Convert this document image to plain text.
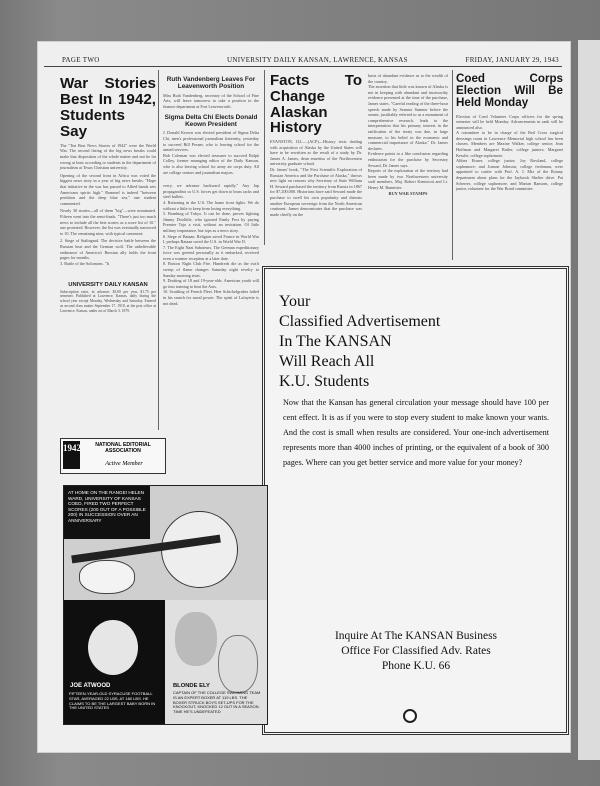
PAGE TWO	UNIVERSITY DAILY KANSAN, LAWRENCE, KANSAS	FRIDAY, JANUARY 29, 1943
War Stories Best In 1942, Students Say
The "Ten Best News Stories of 1942" were the World War. The second listing of the big news breaks could make that disposition of the whole matter and not be far wrong at least according to students in the department of journalism at Texas Christian university.
Opening of the second front in Africa was voted the biggest news story in a year of big news breaks. "Hope that initiative in the war has passed to Allied hands sets Americans spirits high." Rommel is indeed "between perdition and the deep blue sea," one student commented.
Nearly 30 stories—all of them "big"—were nominated. Fifteen went into the semi-finals. "There's just too much news to include all the best stories as a score list of 10." one protested. However, the list was eventually narrowed to 10. The remaining nine, with typical comment:
2. Siege of Stalingrad. The decisive battle between the Russian bear and the German wolf. The unbelievable endurance of America's Russian ally holds the front pages for months.
3. Battle of the Solomons. "It
UNIVERSITY DAILY KANSAN
Subscription rates, in advance: $3.00 per year, $1.75 per semester. Published at Lawrence, Kansas, daily during the school year except Monday, Wednesday and Saturday. Entered as second class matter September 17, 1910, at the post office at Lawrence, Kansas, under act of March 3, 1879.
1942	NATIONAL EDITORIAL ASSOCIATION
Active Member
Ruth Vandenberg Leaves For Leavenworth Position
Miss Ruth Vandenberg, secretary of the School of Fine Arts, will leave tomorrow to take a position in the finance department at Fort Leavenworth.
Sigma Delta Chi Elects Donald Keown President
J. Donald Keown was elected president of Sigma Delta Chi, men's professional journalism fraternity, yesterday to succeed Bill Pesner, who is leaving school for the armed services.
Bob Coleman was elected treasurer to succeed Ralph Colley, former managing editor of the Daily Kansan, who is also leaving school for army air corps duty. All are college seniors and journalism majors.
verry, we advance backward rapidly." Any Jap propagandists so U.S. forces get down to brass tacks and steel bullets.
4. Rationing in the U.S. The home front fights. We do without a little to keep from losing everything.
5. Bombing of Tokyo. It can be done, proves fighting Jimmy Doolittle, who ignored Emily Post by paying Premier Tojo a visit, without an invitation. Of little military importance, but tops as a news story.
6. Siege of Bataan. Religion saved France in World War I, perhaps Bataan saved the U.S. in World War II.
7. The Eight Nazi Saboteurs. The German expeditionary force was greeted personally as it embarked, received even a warmer reception at a later date.
8. Boston Night Club Fire. Hundreds die as the swift sweep of flame changes Saturday night revelry to Sunday morning tears.
9. Drafting of 18 and 19-year-olds. American youth will go into training to beat the Axis.
10. Scuttling of French Fleet. Herr Schickelgruber failed in his snatch for naval power. The spirit of Lafayette is not dead.
Facts To Change Alaskan History
EVANSTON, ILL.—(ACP)—History texts dealing with acquisition of Alaska by the United States will have to be rewritten as the result of a study by Dr. James A. James, dean emeritus of the Northwestern university graduate school.
Dr. James' book, "The First Scientific Exploration of Russian America and the Purchase of Alaska," throws new light on reasons why Secretary of State William H. Seward purchased the territory from Russia in 1867 for $7,200,000. Historians have said Seward made the purchase to swell his own popularity and dismiss another European sovereign from the North American continent. James demonstrates that the purchase was made chiefly on the
basis of abundant evidence as to the wealth of the country.
The assertion that little was known of Alaska is not in keeping with abundant and trustworthy evidence presented at the time of the purchase, James states. "Careful reading of the three-hour speech made by Senator Sumner before the senate, justifiably referred to as a monument of comprehensive research, leads to the interpretation that his primary interest in the ratification of the treaty was due, in large measure, to his belief in the economic and commercial importance of Alaska," Dr. James declares.
Evidence points to a like conclusion regarding enthusiasm for the purchase by Secretary Seward, Dr. James says.
Reports of the exploration of the territory had been made by two Northwestern university staff members, Maj. Robert Kennicott and Lt. Henry M. Bannister.
BUY WAR STAMPS
Coed Corps Election Will Be Held Monday
Election of Coed Volunteer Corps officers for the spring semester will be held Monday. Advancements in rank will be announced also.
A committee to be in charge of the Red Cross surgical dressings room in Lawrence Memorial high school has been chosen. Members are Maxine Walker, college senior; Jean Hoffman and Margaret Butler, college juniors; Margaret Kessler, college sophomore.
Althea Eisner, college junior; Joy Rowland, college sophomore; and Joanne Johnson, college freshman, were appointed to confer with Prof. A. J. Mix of the Botany department about plans for the Jayhawk Shelter drive. Pat Scherrer, college sophomore, and Marian Ransom, college junior, volunteer for the War Bond committee.
Your
Classified Advertisement
In The KANSAN
Will Reach All
K.U. Students
Now that the Kansan has general circulation your message should have 100 per cent effect. It is as if you were to stop every student to make known your wants. And the cost is small when results are considered. Your one-inch advertisement represents more than 4000 inches of printing, or the equivalent of a book of 300 pages. Where can you get better service and more value for your money?
Inquire At The KANSAN Business
Office For Classified Adv. Rates
Phone K.U. 66
AT HOME ON THE RANGE! HELEN WARD, UNIVERSITY OF KANSAS COED, FIRED TWO PERFECT SCORES (200 OUT OF A POSSIBLE 200) IN SUCCESSION OVER AN ANNIVERSARY
JOE ATWOOD
FIFTEEN-YEAR-OLD SYRACUSE FOOTBALL STAR, AVERAGED 22 LBS. AT 180 LBS. HE CLAIMS TO BE THE LARGEST BABY BORN IN THE UNITED STATES
BLONDE ELY
CAPTAIN OF THE COLLEGE SWIMMING TEAM IS AN EXPERT BOXER AT 119 LBS. THE BOXER STRUCK BOYS SET-UPS FOR THE KNOCKOUT, KNOCKED 12 OUT IN A SEASON. TIME HE'S UNDEFEATED
